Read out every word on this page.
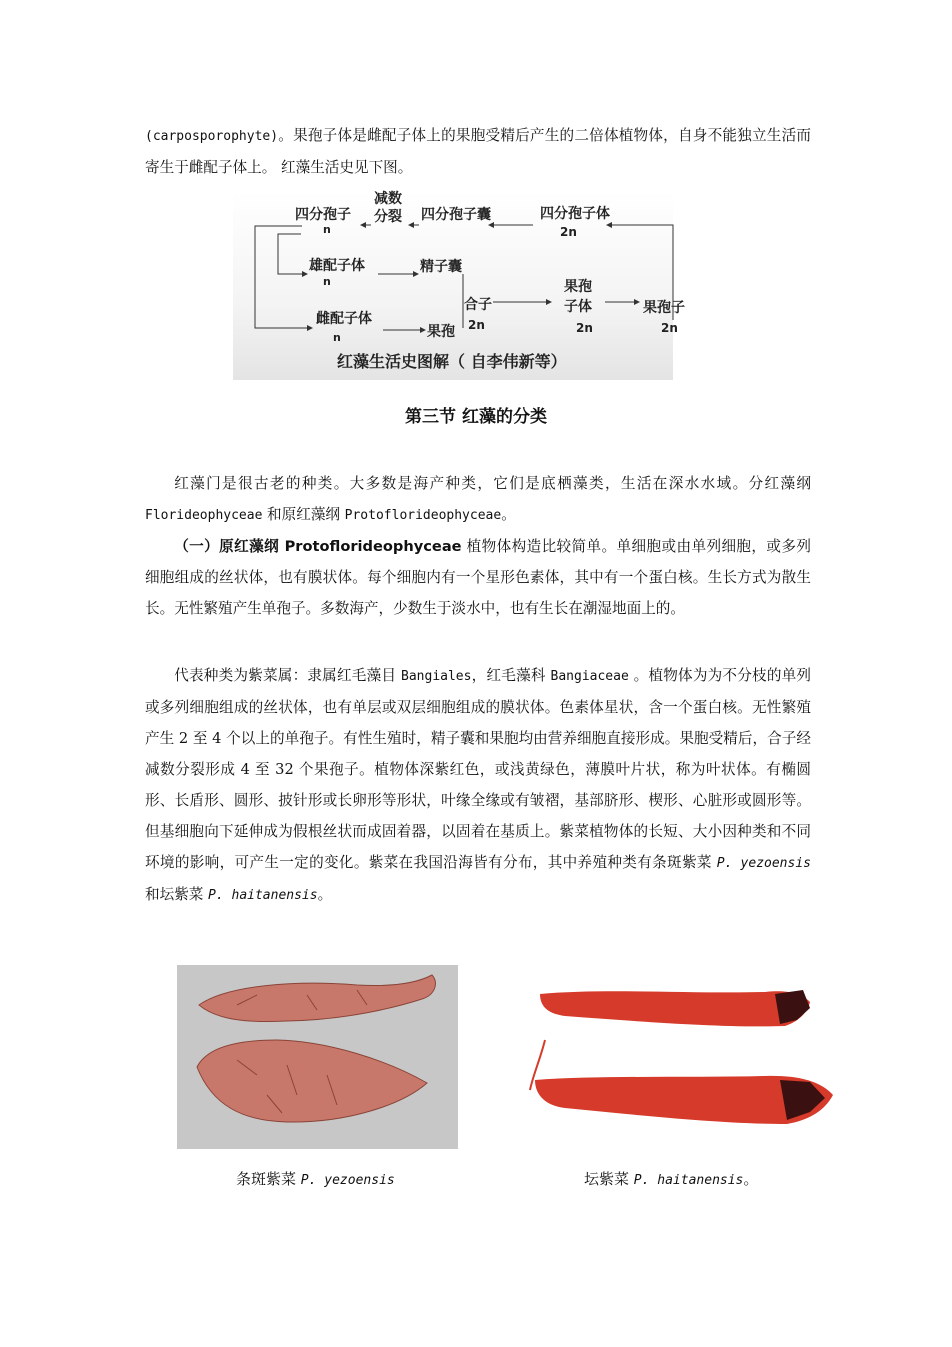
(carposporophyte)。果孢子体是雌配子体上的果胞受精后产生的二倍体植物体，自身不能独立生活而寄生于雌配子体上。 红藻生活史见下图。

四分孢子
n
减数
分裂 四分孢子囊	四分孢子体
2n
雄配子体
n
精子囊
合子
2n
果孢
子体
2n
果孢子
2n
雌配子体
n	果孢
红藻生活史图解（ 自李伟新等）
第三节 红藻的分类

红藻门是很古老的种类。大多数是海产种类，它们是底栖藻类，生活在深水水域。分红藻纲 Florideophyceae 和原红藻纲 Protoflorideophyceae。

（一）原红藻纲 Protoflorideophyceae 植物体构造比较简单。单细胞或由单列细胞，或多列细胞组成的丝状体，也有膜状体。每个细胞内有一个星形色素体，其中有一个蛋白核。生长方式为散生长。无性繁殖产生单孢子。多数海产，少数生于淡水中，也有生长在潮湿地面上的。

代表种类为紫菜属：隶属红毛藻目 Bangiales，红毛藻科 Bangiaceae 。植物体为为不分枝的单列或多列细胞组成的丝状体，也有单层或双层细胞组成的膜状体。色素体星状，含一个蛋白核。无性繁殖产生 2 至 4 个以上的单孢子。有性生殖时，精子囊和果胞均由营养细胞直接形成。果胞受精后，合子经减数分裂形成 4 至 32 个果孢子。植物体深紫红色，或浅黄绿色，薄膜叶片状，称为叶状体。有椭圆形、长盾形、圆形、披针形或长卵形等形状，叶缘全缘或有皱褶，基部脐形、楔形、心脏形或圆形等。但基细胞向下延伸成为假根丝状而成固着器，以固着在基质上。紫菜植物体的长短、大小因种类和不同环境的影响，可产生一定的变化。紫菜在我国沿海皆有分布，其中养殖种类有条斑紫菜 P. yezoensis 和坛紫菜 P. haitanensis。

条斑紫菜 P. yezoensis	坛紫菜 P. haitanensis。
